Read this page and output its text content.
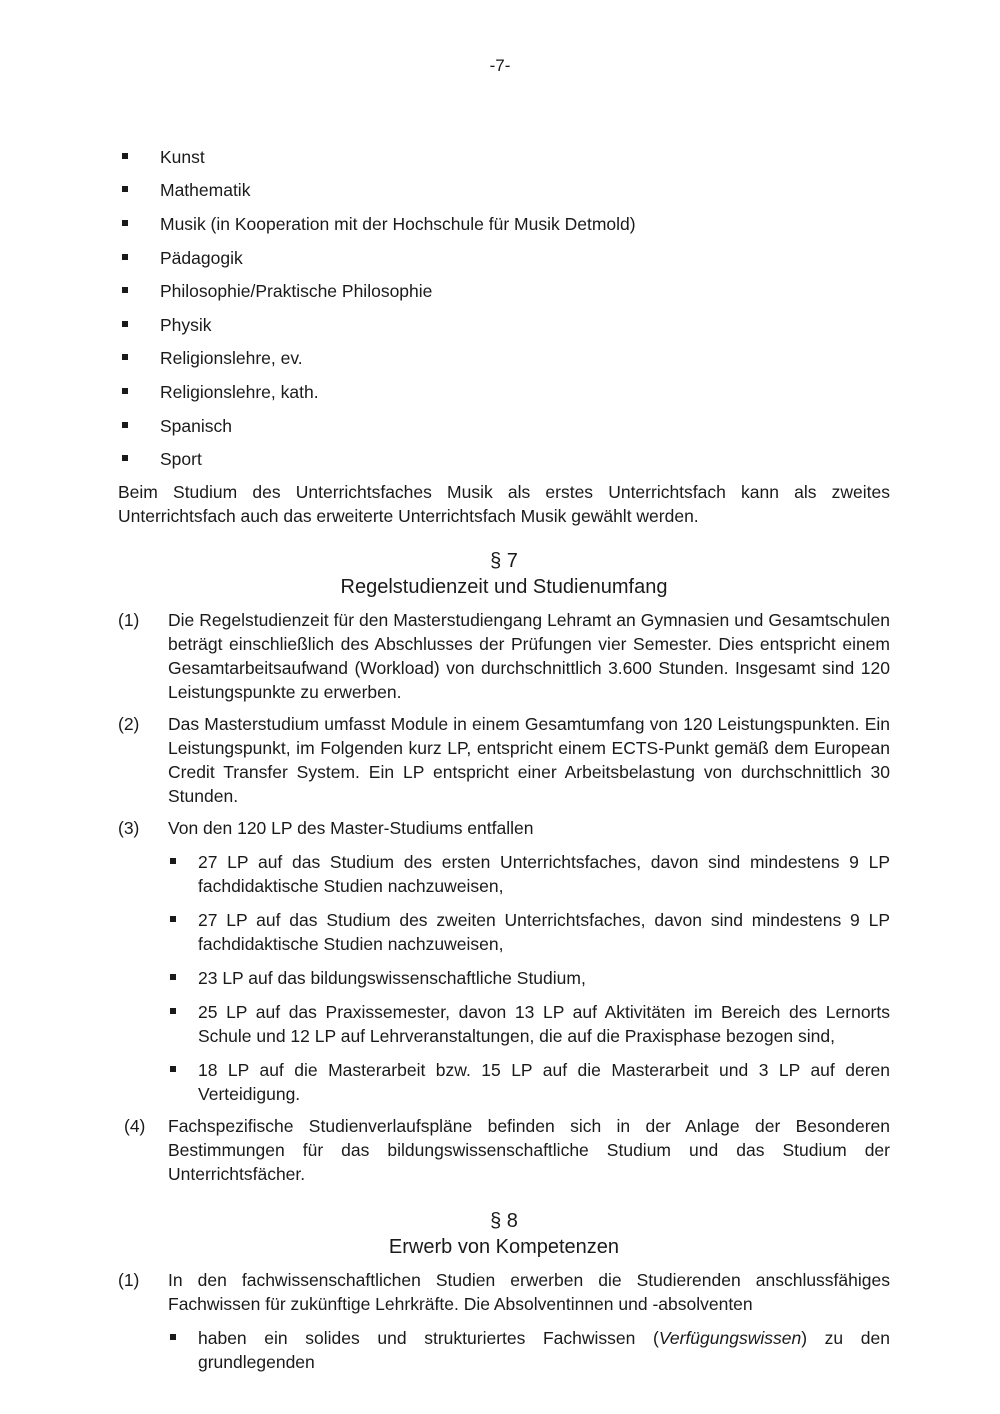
-7-
Kunst
Mathematik
Musik (in Kooperation mit der Hochschule für Musik Detmold)
Pädagogik
Philosophie/Praktische Philosophie
Physik
Religionslehre, ev.
Religionslehre, kath.
Spanisch
Sport

Beim Studium des Unterrichtsfaches Musik als erstes Unterrichtsfach kann als zweites Unterrichtsfach auch das erweiterte Unterrichtsfach Musik gewählt werden.

§ 7
Regelstudienzeit und Studienumfang
(1)	Die Regelstudienzeit für den Masterstudiengang Lehramt an Gymnasien und Gesamtschulen beträgt einschließlich des Abschlusses der Prüfungen vier Semester. Dies entspricht einem Gesamtarbeitsaufwand (Workload) von durchschnittlich 3.600 Stunden. Insgesamt sind 120 Leistungspunkte zu erwerben.
(2)	Das Masterstudium umfasst Module in einem Gesamtumfang von 120 Leistungspunkten. Ein Leistungspunkt, im Folgenden kurz LP, entspricht einem ECTS-Punkt gemäß dem European Credit Transfer System. Ein LP entspricht einer Arbeitsbelastung von durchschnittlich 30 Stunden.
(3)	Von den 120 LP des Master-Studiums entfallen
27 LP auf das Studium des ersten Unterrichtsfaches, davon sind mindestens 9 LP fachdidaktische Studien nachzuweisen,
27 LP auf das Studium des zweiten Unterrichtsfaches, davon sind mindestens 9 LP fachdidaktische Studien nachzuweisen,
23 LP auf das bildungswissenschaftliche Studium,
25 LP auf das Praxissemester, davon 13 LP auf Aktivitäten im Bereich des Lernorts Schule und 12 LP auf Lehrveranstaltungen, die auf die Praxisphase bezogen sind,
18 LP auf die Masterarbeit bzw. 15 LP auf die Masterarbeit und 3 LP auf deren Verteidigung.
(4)	Fachspezifische Studienverlaufspläne befinden sich in der Anlage der Besonderen Bestimmungen für das bildungswissenschaftliche Studium und das Studium der Unterrichtsfächer.
§ 8
Erwerb von Kompetenzen
(1)	In den fachwissenschaftlichen Studien erwerben die Studierenden anschlussfähiges Fachwissen für zukünftige Lehrkräfte. Die Absolventinnen und -absolventen
haben ein solides und strukturiertes Fachwissen (Verfügungswissen) zu den grundlegenden
